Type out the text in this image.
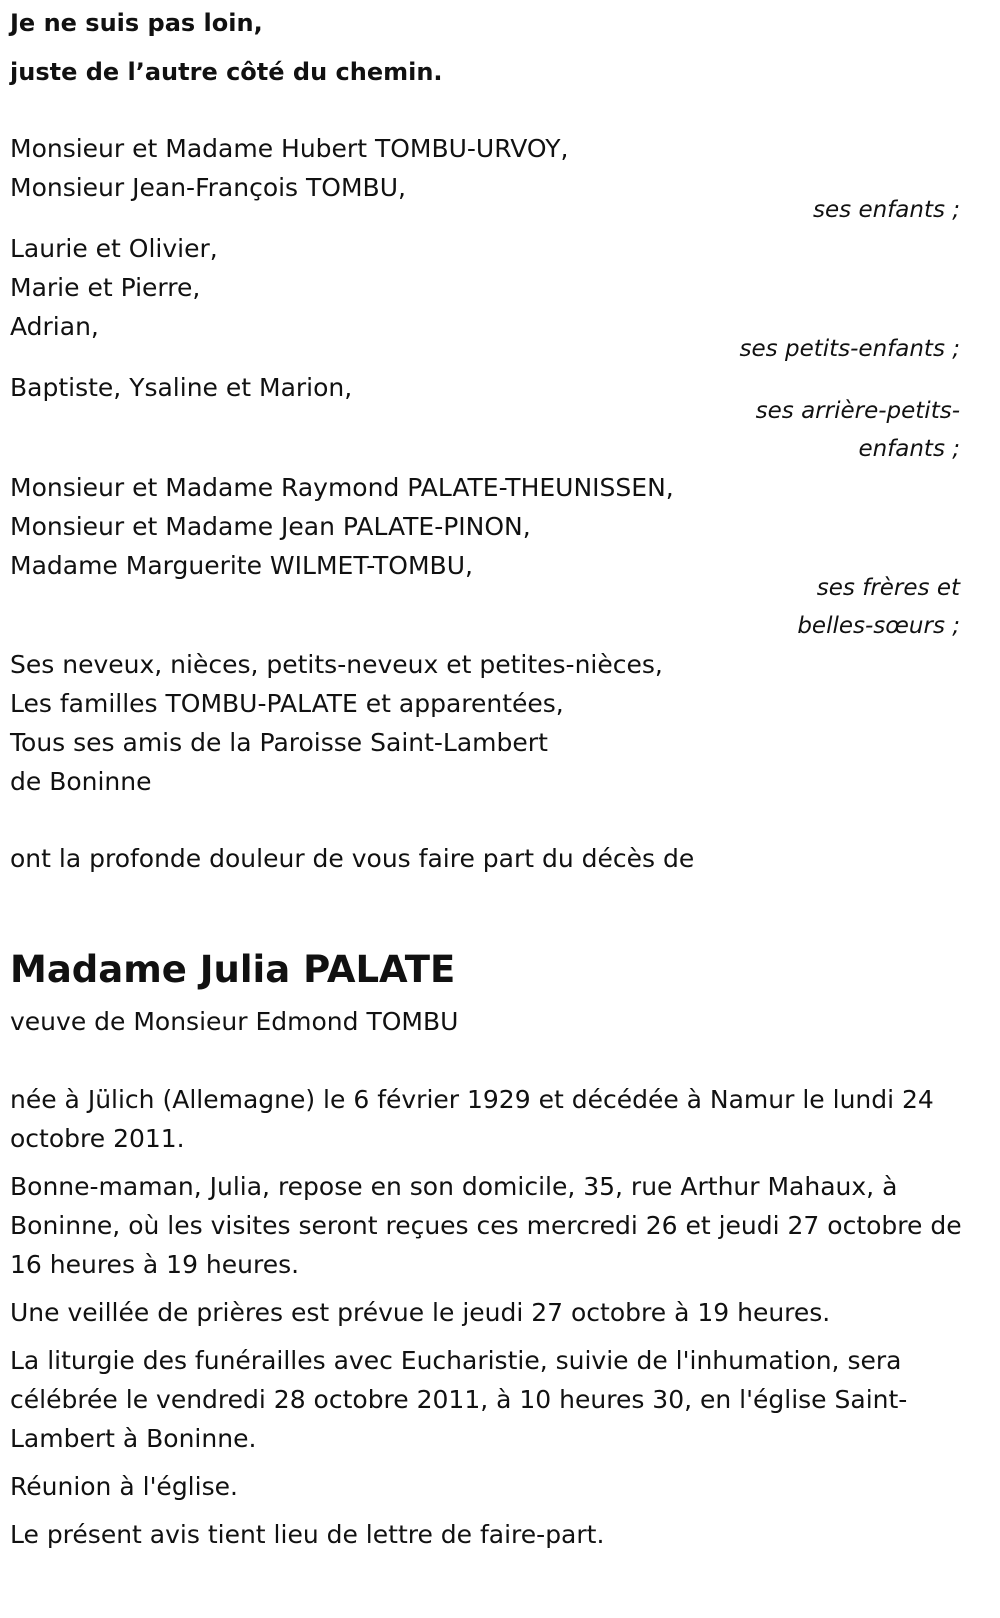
Je ne suis pas loin,

juste de l’autre côté du chemin.

Monsieur et Madame Hubert TOMBU-URVOY,

Monsieur Jean-François TOMBU,

ses enfants ;

Laurie et Olivier,

Marie et Pierre,

Adrian,

ses petits-enfants ;

Baptiste, Ysaline et Marion,

ses arrière-petits-

enfants ;

Monsieur et Madame Raymond PALATE-THEUNISSEN,

Monsieur et Madame Jean PALATE-PINON,

Madame Marguerite WILMET-TOMBU,

ses frères et

belles-sœurs ;

Ses neveux, nièces, petits-neveux et petites-nièces,

Les familles TOMBU-PALATE et apparentées,

Tous ses amis de la Paroisse Saint-Lambert

de Boninne

ont la profonde douleur de vous faire part du décès de

Madame Julia PALATE

veuve de Monsieur Edmond TOMBU

née à Jülich (Allemagne) le 6 février 1929 et décédée à Namur le lundi 24 octobre 2011.

Bonne-maman, Julia, repose en son domicile, 35, rue Arthur Mahaux, à Boninne, où les visites seront reçues ces mercredi 26 et jeudi 27 octobre de 16 heures à 19 heures.

Une veillée de prières est prévue le jeudi 27 octobre à 19 heures.

La liturgie des funérailles avec Eucharistie, suivie de l'inhumation, sera célébrée le vendredi 28 octobre 2011, à 10 heures 30, en l'église Saint-Lambert à Boninne.

Réunion à l'église.

Le présent avis tient lieu de lettre de faire-part.
